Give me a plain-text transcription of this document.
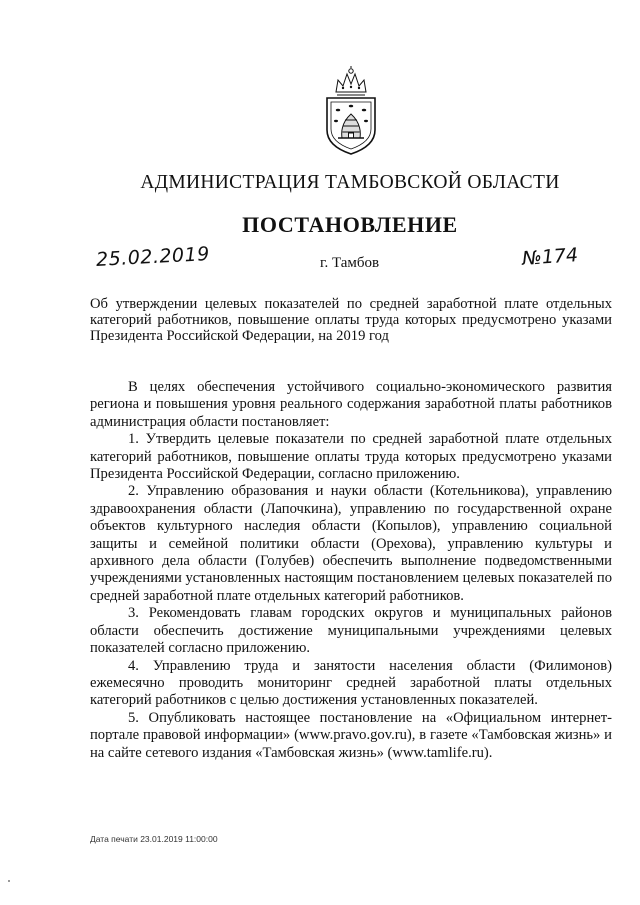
АДМИНИСТРАЦИЯ ТАМБОВСКОЙ ОБЛАСТИ
ПОСТАНОВЛЕНИЕ
25.02.2019	г. Тамбов	№174
Об утверждении целевых показателей по средней заработной плате отдельных категорий работников, повышение оплаты труда которых предусмотрено указами Президента Российской Федерации, на 2019 год

В целях обеспечения устойчивого социально-экономического развития региона и повышения уровня реального содержания заработной платы работников администрация области постановляет:

1. Утвердить целевые показатели по средней заработной плате отдельных категорий работников, повышение оплаты труда которых предусмотрено указами Президента Российской Федерации, согласно приложению.

2. Управлению образования и науки области (Котельникова), управлению здравоохранения области (Лапочкина), управлению по государственной охране объектов культурного наследия области (Копылов), управлению социальной защиты и семейной политики области (Орехова), управлению культуры и архивного дела области (Голубев) обеспечить выполнение подведомственными учреждениями установленных настоящим постановлением целевых показателей по средней заработной плате отдельных категорий работников.

3. Рекомендовать главам городских округов и муниципальных районов области обеспечить достижение муниципальными учреждениями целевых показателей согласно приложению.

4. Управлению труда и занятости населения области (Филимонов) ежемесячно проводить мониторинг средней заработной платы отдельных категорий работников с целью достижения установленных показателей.

5. Опубликовать настоящее постановление на «Официальном интернет-портале правовой информации» (www.pravo.gov.ru), в газете «Тамбовская жизнь» и на сайте сетевого издания «Тамбовская жизнь» (www.tamlife.ru).

Дата печати 23.01.2019 11:00:00
